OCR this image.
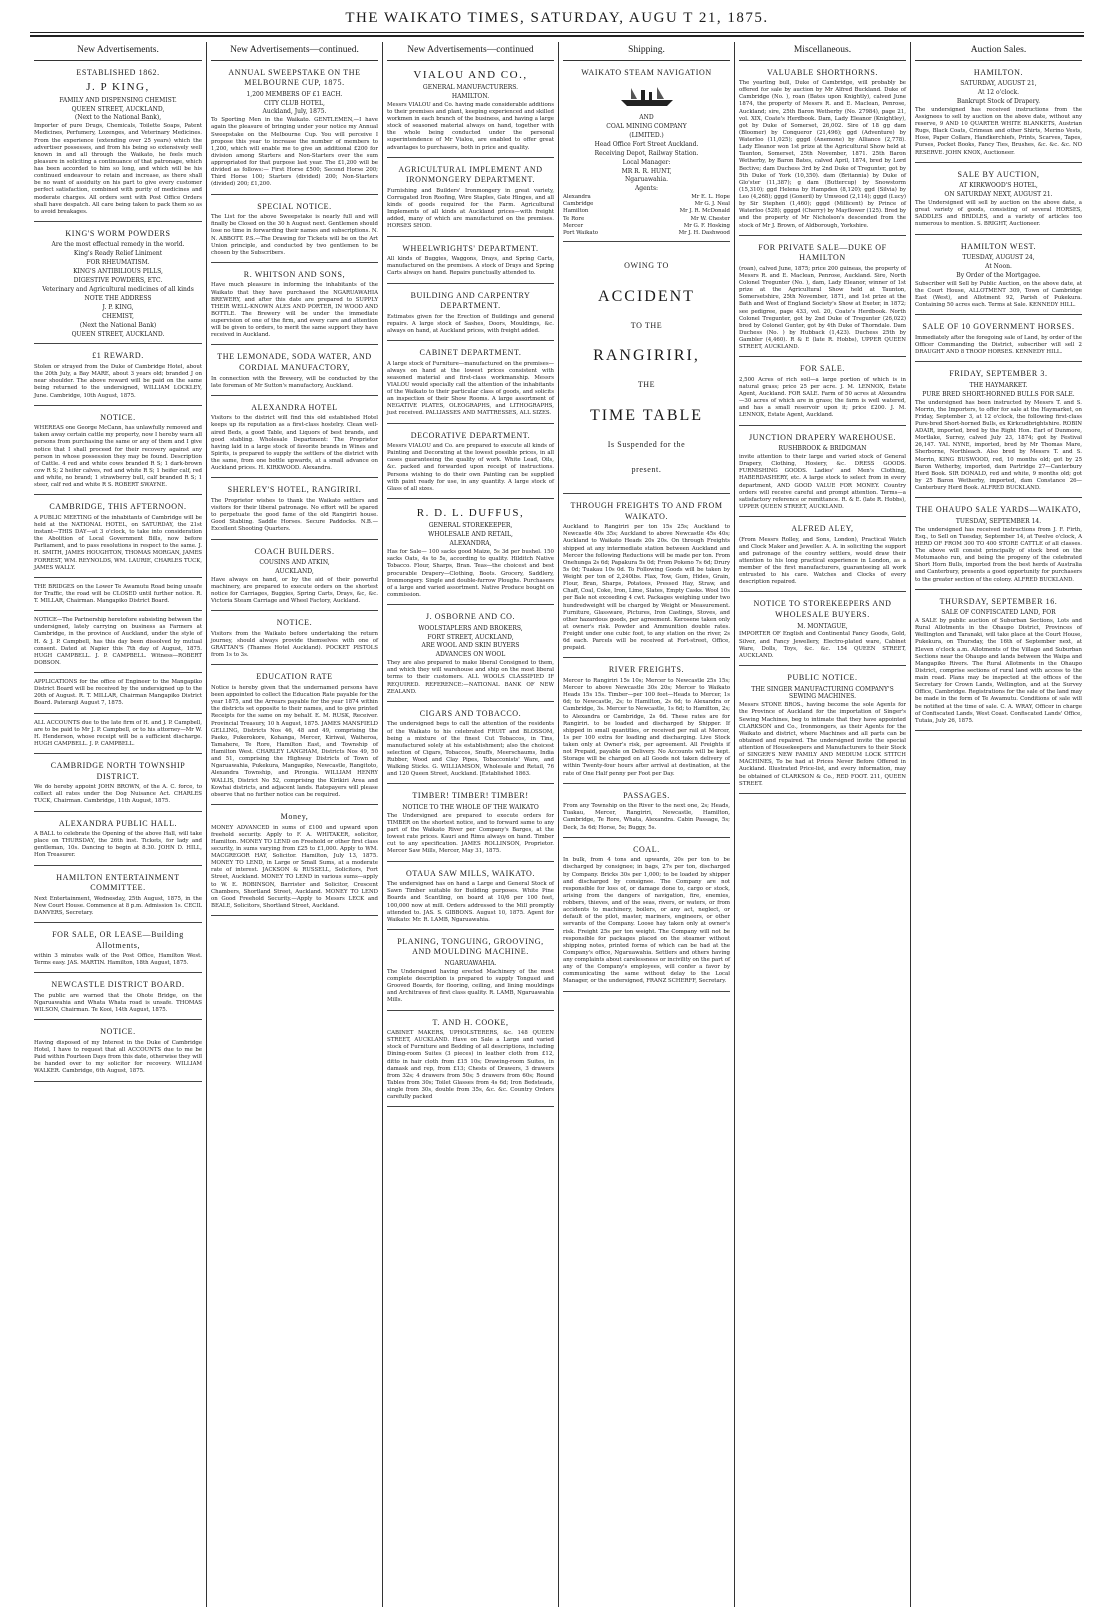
THE WAIKATO TIMES, SATURDAY, AUGU T 21, 1875.
New Advertisements.
ESTABLISHED 1862.
J. P KING,
FAMILY AND DISPENSING CHEMIST.
QUEEN STREET, AUCKLAND,
(Next to the National Bank),
Importer of pure Drugs, Chemicals, Toilette Soaps, Patent Medicines, Perfumery, Lozenges, and Veterinary Medicines. From the experience (extending over 25 years) which the advertiser possesses, and from his being so extensively well known in and all through the Waikato, he feels much pleasure in soliciting a continuance of that patronage, which has been accorded to him so long, and which will be his continued endeavour to retain and increase, as there shall be no want of assiduity on his part to give every customer perfect satisfaction, combined with purity of medicines and moderate charges. All orders sent with Post Office Orders shall have despatch. All care being taken to pack them so as to avoid breakages.
KING'S WORM POWDERS
Are the most effectual remedy in the world.
King's Ready Relief Liniment
FOR RHEUMATISM.
KING'S ANTIBILIOUS PILLS,
DIGESTIVE POWDERS, ETC.
Veterinary and Agricultural medicines of all kinds
NOTE THE ADDRESS
J. P. KING,
CHEMIST,
(Next the National Bank)
QUEEN STREET, AUCKLAND.
£1 REWARD.
Stolen or strayed from the Duke of Cambridge Hotel, about the 20th July, a Bay MARE, about 3 years old; branded J on near shoulder. The above reward will be paid on the same being returned to the undersigned, WILLIAM LOCKLEY, June. Cambridge, 10th August, 1875.
NOTICE.
WHEREAS one George McCann, has unlawfully removed and taken away certain cattle my property, now I hereby warn all persons from purchasing the same or any of them and I give notice that I shall proceed for their recovery against any person in whose possession they may be found. Description of Cattle. 4 red and white cows branded R S; 1 dark-brown cow R S; 2 heifer calves, red and white R S; 1 heifer calf, red and white, no brand; 1 strawberry bull, calf branded R S; 1 steer, calf red and white R S. ROBERT SWAYNE.
CAMBRIDGE, THIS AFTERNOON.
A PUBLIC MEETING of the inhabitants of Cambridge will be held at the NATIONAL HOTEL, on SATURDAY, the 21st instant—THIS DAY—at 3 o'clock, to take into consideration the Abolition of Local Government Bills, now before Parliament, and to pass resolutions in respect to the same. J. H. SMITH, JAMES HOUGHTON, THOMAS MORGAN, JAMES FORREST, WM. REYNOLDS, WM. LAURIE, CHARLES TUCK, JAMES WALLY.
THE BRIDGES on the Lower Te Awamutu Road being unsafe for Traffic, the road will be CLOSED until further notice. R. T. MILLAR, Chairman. Mangapiko District Board.
NOTICE—The Partnership heretofore subsisting between the undersigned, lately carrying on business as Farmers at Cambridge, in the province of Auckland, under the style of H. & J. P. Campbell, has this day been dissolved by mutual consent. Dated at Napier this 7th day of August, 1875. HUGH CAMPBELL. J. P. CAMPBELL. Witness—ROBERT DOBSON.
APPLICATIONS for the office of Engineer to the Mangapiko District Board will be received by the undersigned up to the 20th of August. R. T. MILLAR, Chairman Mangapiko District Board. Pateranji August 7, 1875.
ALL ACCOUNTS due to the late firm of H. and J. P. Campbell, are to be paid to Mr J. P. Campbell, or to his attorney—Mr W. H. Henderson, whose receipt will be a sufficient discharge. HUGH CAMPBELL. J. P. CAMPBELL.
CAMBRIDGE NORTH TOWNSHIP DISTRICT.
We do hereby appoint JOHN BROWN, of the A. C. force, to collect all rates under the Dog Nuisance Act. CHARLES TUCK, Chairman. Cambridge, 11th August, 1875.
ALEXANDRA PUBLIC HALL.
A BALL to celebrate the Opening of the above Hall, will take place on THURSDAY, the 26th inst. Tickets, for lady and gentleman, 10s. Dancing to begin at 8.30. JOHN D. HILL, Hon Treasurer.
HAMILTON ENTERTAINMENT COMMITTEE.
Next Entertainment, Wednesday, 25th August, 1875, in the New Court House. Commence at 8 p.m. Admission 1s. CECIL DANVERS, Secretary.
FOR SALE, OR LEASE—Building Allotments,
within 3 minutes walk of the Post Office, Hamilton West. Terms easy. JAS. MARTIN. Hamilton, 18th August, 1875.
NEWCASTLE DISTRICT BOARD.
The public are warned that the Ohote Bridge, on the Ngaruawahia and Whata Whata road is unsafe. THOMAS WILSON, Chairman. Te Kooi, 14th August, 1875.
NOTICE.
Having disposed of my Interest in the Duke of Cambridge Hotel, I have to request that all ACCOUNTS due to me be Paid within Fourteen Days from this date, otherwise they will be handed over to my solicitor for recovery. WILLIAM WALKER. Cambridge, 6th August, 1875.
New Advertisements—continued.
ANNUAL SWEEPSTAKE ON THE MELBOURNE CUP, 1875.
1,200 MEMBERS OF £1 EACH.
CITY CLUB HOTEL,
Auckland, July, 1875.
To Sporting Men in the Waikato. GENTLEMEN,—I have again the pleasure of bringing under your notice my Annual Sweepstake on the Melbourne Cup. You will perceive I propose this year to increase the number of members to 1,200, which will enable me to give an additional £200 for division among Starters and Non-Starters over the sum appropriated for that purpose last year. The £1,200 will be divided as follows:— First Horse £500; Second Horse 200; Third Horse 100; Starters (divided) 200; Non-Starters (divided) 200; £1,200.
SPECIAL NOTICE.
The List for the above Sweepstake is nearly full and will finally be Closed on the 30 h August next. Gentlemen should lose no time in forwarding their names and subscriptions. N. N. ABBOTT. P.S.—The Drawing for Tickets will be on the Art Union principle, and conducted by two gentlemen to be chosen by the Subscribers.
R. WHITSON AND SONS,
Have much pleasure in informing the inhabitants of the Waikato that they have purchased the NGARUAWAHIA BREWERY, and after this date are prepared to SUPPLY THEIR WELL-KNOWN ALES AND PORTER, IN WOOD AND BOTTLE. The Brewery will be under the immediate supervision of one of the firm, and every care and attention will be given to orders, to merit the same support they have received in Auckland.
THE LEMONADE, SODA WATER, AND CORDIAL MANUFACTORY,
In connection with the Brewery, will be conducted by the late foreman of Mr Sutton's manufactory, Auckland.
ALEXANDRA HOTEL
Visitors to the district will find this old established Hotel keeps up its reputation as a first-class hostelry. Clean well-aired Beds, a good Table, and Liquors of best brands, and good stabling. Wholesale Department: The Proprietor having laid in a large stock of favorite brands in Wines and Spirits, is prepared to supply the settlers of the district with the same, from one bottle upwards, at a small advance on Auckland prices. H. KIRKWOOD. Alexandra.
SHERLEY'S HOTEL, RANGIRIRI.
The Proprietor wishes to thank the Waikato settlers and visitors for their liberal patronage. No effort will be spared to perpetuate the good fame of the old Rangiriri house. Good Stabling. Saddle Horses. Secure Paddocks. N.B.—Excellent Shooting Quarters.
COACH BUILDERS.
COUSINS AND ATKIN,
AUCKLAND,
Have always on hand, or by the aid of their powerful machinery, are prepared to execute orders on the shortest notice for Carriages, Buggies, Spring Carts, Drays, &c, &c. Victoria Steam Carriage and Wheel Factory, Auckland.
NOTICE.
Visitors from the Waikato before undertaking the return journey, should always provide themselves with one of GRATTAN'S (Thames Hotel Auckland). POCKET PISTOLS from 1s to 3s.
EDUCATION RATE
Notice is hereby given that the undernamed persons have been appointed to collect the Education Rate payable for the year 1875, and the Arrears payable for the year 1874 within the districts set opposite to their names, and to give printed Receipts for the same on my behalf. E. M. RUSK, Receiver. Provincial Treasury, 10 h August, 1875. JAMES MANSFIELD GELLING, Districts Nos 46, 48 and 49, comprising the Paeko, Pukerokore, Kohanga, Mercer, Kiriwai, Waiheroa, Tamahere, Te Rore, Hamilton East, and Township of Hamilton West. CHARLEY LANGHAM, Districts Nos 49, 50 and 51, comprising the Highway Districts of Town of Ngaruawahia, Pukekura, Mangapiko, Newcastle, Rangitoto, Alexandra Township, and Pirongia. WILLIAM HENRY WALLIS, District No 52, comprising the Kirikiri Area and Kowhai districts, and adjacent lands. Ratepayers will please observe that no further notice can be required.
Money,
MONEY ADVANCED in sums of £100 and upward upon freehold security. Apply to F. A. WHITAKER, solicitor, Hamilton. MONEY TO LEND on Freehold or other first class security, in sums varying from £25 to £1,000. Apply to WM. MACGREGOR HAY, Solicitor. Hamilton, July 13, 1875. MONEY TO LEND, in Large or Small Sums, at a moderate rate of interest. JACKSON & RUSSELL, Solicitors, Fort Street, Auckland. MONEY TO LEND in various sums—apply to W. E. ROBINSON, Barrister and Solicitor, Crescent Chambers, Shortland Street, Auckland. MONEY TO LEND on Good Freehold Security.—Apply to Messrs LECK and BEALE, Solicitors, Shortland Street, Auckland.
New Advertisements—continued
VIALOU AND CO.,
GENERAL MANUFACTURERS.
HAMILTON.
Messrs VIALOU and Co. having made considerable additions to their premises and plant, keeping experienced and skilled workmen in each branch of the business, and having a large stock of seasoned material always on hand, together with the whole being conducted under the personal superintendence of Mr Vialou, are enabled to offer great advantages to purchasers, both in price and quality.
AGRICULTURAL IMPLEMENT AND IRONMONGERY DEPARTMENT.
Furnishing and Builders' Ironmongery in great variety, Corrugated Iron Roofing, Wire Staples, Gate Hinges, and all kinds of goods required for the Farm. Agricultural Implements of all kinds at Auckland prices—with freight added, many of which are manufactured on the premises. HORSES SHOD.
WHEELWRIGHTS' DEPARTMENT.
All kinds of Buggies, Waggons, Drays, and Spring Carts, manufactured on the premises. A stock of Drays and Spring Carts always on hand. Repairs punctually attended to.
BUILDING AND CARPENTRY DEPARTMENT.
Estimates given for the Erection of Buildings and general repairs. A large stock of Sashes, Doors, Mouldings, &c. always on hand, at Auckland prices, with freight added.
CABINET DEPARTMENT.
A large stock of Furniture—manufactured on the premises—always on hand at the lowest prices consistent with seasoned material and first-class workmanship. Messrs VIALOU would specially call the attention of the inhabitants of the Waikato to their particular class of goods, and solicits an inspection of their Show Rooms. A large assortment of NEGATIVE PLATES, OLEOGRAPHS, and LITHOGRAPHS, just received. PALLIASSES AND MATTRESSES, ALL SIZES.
DECORATIVE DEPARTMENT.
Messrs VIALOU and Co. are prepared to execute all kinds of Painting and Decorating at the lowest possible prices, in all cases guaranteeing the quality of work. White Lead, Oils, &c. packed and forwarded upon receipt of instructions. Persons wishing to do their own Painting can be supplied with paint ready for use, in any quantity. A large stock of Glass of all sizes.
R. D. L. DUFFUS,
GENERAL STOREKEEPER,
WHOLESALE AND RETAIL,
ALEXANDRA,
Has for Sale— 100 sacks good Maize, 5s 3d per bushel. 150 sacks Oats, 4s to 5s, according to quality. Hilditch Native Tobacco. Flour, Sharps, Bran. Teas—the choicest and best procurable Drapery—Clothing, Boots. Grocery, Saddlery, Ironmongery. Single and double-furrow Ploughs. Purchasers of a large and varied assortment. Native Produce bought on commission.
J. OSBORNE AND CO.
WOOLSTAPLERS AND BROKERS,
FORT STREET, AUCKLAND,
ARE WOOL AND SKIN BUYERS
ADVANCES ON WOOL
They are also prepared to make liberal Consigned to them, and which they will warehouse and ship on the most liberal terms to their customers. ALL WOOLS CLASSIFIED IF REQUIRED. REFERENCE:—NATIONAL BANK OF NEW ZEALAND.
CIGARS AND TOBACCO.
The undersigned begs to call the attention of the residents of the Waikato to his celebrated FRUIT and BLOSSOM, being a mixture of the finest Cut Tobaccos, in Tins, manufactured solely at his establishment; also the choicest selection of Cigars, Tobaccos, Snuffs, Meerschaums, India Rubber, Wood and Clay Pipes, Tobacconists' Ware, and Walking Sticks. G. WILLIAMSON, Wholesale and Retail, 76 and 120 Queen Street, Auckland. [Established 1863.
TIMBER! TIMBER! TIMBER!
NOTICE TO THE WHOLE OF THE WAIKATO
The Undersigned are prepared to execute orders for TIMBER on the shortest notice, and to forward same to any part of the Waikato River per Company's Barges, at the lowest rate prices. Kauri and Rimu always on hand. Timber cut to any specification. JAMES ROLLINSON, Proprietor. Mercer Saw Mills, Mercer, May 31, 1875.
OTAUA SAW MILLS, WAIKATO.
The undersigned has on hand a Large and General Stock of Sawn Timber suitable for Building purposes. White Pine Boards and Scantling, on board at 10/6 per 100 feet, 100,000 now at mill. Orders addressed to the Mill promptly attended to. JAS. S. GIBBONS. August 10, 1875. Agent for Waikato: Mr. R. LAMB, Ngaruawahia.
PLANING, TONGUING, GROOVING, AND MOULDING MACHINE.
NGARUAWAHIA.
The Undersigned having erected Machinery of the most complete description is prepared to supply Tongued and Grooved Boards, for flooring, ceiling, and lining mouldings and Architraves of first class quality. R. LAMB, Ngaruawahia Mills.
T. AND H. COOKE,
CABINET MAKERS, UPHOLSTERERS, &c. 148 QUEEN STREET, AUCKLAND. Have on Sale a Large and varied stock of Furniture and Bedding of all descriptions, including Dining-room Suites (3 pieces) in leather cloth from £12, ditto in hair cloth from £15 10s; Drawing-room Suites, in damask and rep, from £13; Chests of Drawers, 3 drawers from 32s; 4 drawers from 50s; 5 drawers from 60s; Round Tables from 30s; Toilet Glasses from 4s 6d; Iron Bedsteads, single from 30s, double from 35s, &c. &c. Country Orders carefully packed
Shipping.
WAIKATO STEAM NAVIGATION
AND
COAL MINING COMPANY
(LIMITED.)
Head Office Fort Street Auckland.
Receiving Depot, Railway Station.
Local Manager:
MR R. R. HUNT,
Ngaruawahia.
Agents:
Alexandra	Mr E. L. Hope
Cambridge	Mr G. J. Neal
Hamilton	Mr J. R. McDonald
Te Rore	Mr W. Chester
Mercer	Mr G. F. Hosking
Port Waikato	Mr J. H. Dashwood
OWING TO
ACCIDENT
TO THE
RANGIRIRI,
THE
TIME TABLE
Is Suspended for the
present.
THROUGH FREIGHTS TO AND FROM WAIKATO.
Auckland to Rangiriri per ton 15s 25s; Auckland to Newcastle 40s 35s; Auckland to above Newcastle 45s 40s; Auckland to Waikato Heads 20s 20s. On through Freights shipped at any intermediate station between Auckland and Mercer the following Reductions will be made per ton. From Onehunga 2s 6d; Papakura 5s 0d; From Pokeno 7s 6d; Drury 5s 0d; Tuakau 10s 0d. To Following Goods will be taken by Weight per ton of 2,240lbs. Flax, Tow, Gum, Hides, Grain, Flour, Bran, Sharps, Potatoes, Pressed Hay, Straw, and Chaff, Coal, Coke, Iron, Lime, Slates, Empty Casks. Wool 10s per Bale not exceeding 4 cwt. Packages weighing under two hundredweight will be charged by Weight or Measurement. Furniture, Glassware, Pictures, Iron Castings, Stoves, and other hazardous goods, per agreement. Kerosene taken only at owner's risk. Powder and Ammunition double rates. Freight under one cubic foot, to any station on the river, 2s 6d each. Parcels will be received at Fort-street, Office, prepaid.
RIVER FREIGHTS.
Mercer to Rangiriri 15s 10s; Mercer to Newcastle 25s 15s; Mercer to above Newcastle 30s 20s; Mercer to Waikato Heads 15s 15s. Timber—per 100 feet—Heads to Mercer, 1s 6d; to Newcastle, 2s; to Hamilton, 2s 6d; to Alexandra or Cambridge, 3s. Mercer to Newcastle, 1s 6d; to Hamilton, 2s; to Alexandra or Cambridge, 2s 6d. These rates are for Rangiriri. to be loaded and discharged by Shipper. If shipped in small quantities, or received per rail at Mercer, 1s per 100 extra for loading and discharging. Live Stock taken only at Owner's risk, per agreement. All Freights if not Prepaid, payable on Delivery. No Accounts will be kept. Storage will be charged on all Goods not taken delivery of within Twenty-four hours after arrival at destination, at the rate of One Half penny per Foot per Day.
PASSAGES.
From any Township on the River to the next one, 2s; Heads, Tuakau, Mercer, Rangiriri, Newcastle, Hamilton, Cambridge, Te Rore, Whata, Alexandra. Cabin Passage, 5s; Deck, 3s 6d; Horse, 5s; Buggy, 5s.
COAL.
In bulk, from 4 tons and upwards, 20s per ton to be discharged by consignee; in bags, 27s per ton, discharged by Company. Bricks 30s per 1,000; to be loaded by shipper and discharged by consignee. The Company are not responsible for loss of, or damage done to, cargo or stock, arising from the dangers of navigation, fire, enemies, robbers, thieves, and of the seas, rivers, or waters, or from accidents to machinery, boilers, or any act, neglect, or default of the pilot, master, mariners, engineers, or other servants of the Company. Loose hay taken only at owner's risk. Freight 25s per ton weight. The Company will not be responsible for packages placed on the steamer without shipping notes, printed forms of which can be had at the Company's office, Ngaruawahia. Settlers and others having any complaints about carelessness or incivility on the part of any of the Company's employees, will confer a favor by communicating the same without delay to the Local Manager, or the undersigned, FRANZ SCHERFF, Secretary.
Miscellaneous.
VALUABLE SHORTHORNS.
The yearling bull, Duke of Cambridge, will probably be offered for sale by auction by Mr Alfred Buckland. Duke of Cambridge (No. ), roan (Bates upon Knightly), calved June 1874, the property of Messrs R. and E. Maclean, Penrose, Auckland; sire, 25th Baron Wetherby (No. 27984), page 21, vol. XIX, Coate's Herdbook. Dam, Lady Eleanor (Knightley), got by Duke of Somerset, 26,002. Sire of 18 gg dam (Bloomer) by Conqueror (21,496); ggd (Adventure) by Waterloo (11,025); gggd (Anemone) by Alliance (2,778). Lady Eleanor won 1st prize at the Agricultural Show held at Taunton, Somerset, 25th November, 1871. 25th Baron Wetherby, by Baron Bates, calved April, 1874, bred by Lord Bective; dam Duchess 3rd by 2nd Duke of Tregunter, got by 5th Duke of York (10,350). dam (Britannia) by Duke of Glo'ster (11,387); g dam (Buttercup) by Snowstorm (15,310); ggd Helena by Hampden (8,120); ggd (Silvia) by Leo (4,268); gggd (Goneril) by Umwood (2,114); gggd (Lucy) by Sir Stephen (1,460); gggd (Millicent) by Prince of Waterloo (528); ggggd (Cherry) by Mayflower (125). Bred by and the property of Mr Nicholson's descended from the stock of Mr J. Brown, of Aldborough, Yorkshire.
FOR PRIVATE SALE—DUKE OF HAMILTON
(roan), calved June, 1875; price 200 guineas, the property of Messrs R. and E. Maclean, Penrose, Auckland. Sire, North Colonel Tregunter (No. ), dam, Lady Eleanor, winner of 1st prize at the Agricultural Show held at Taunton, Somersetshire, 25th November, 1871, and 1st prize at the Bath and West of England Society's Show at Exeter, in 1872; see pedigree, page 433, vol. 20, Coate's Herdbook. North Colonel Tregunter, got by 2nd Duke of Tregunter (26,022) bred by Colonel Gunter, got by 4th Duke of Thorndale. Dam Duchess (No. ) by Hubback (1,423). Duchess 25th by Gambler (4,460). R & E (late R. Hobbs), UPPER QUEEN STREET, AUCKLAND.
FOR SALE.
2,500 Acres of rich soil—a large portion of which is in natural grass; price 25 per acre. J. M. LENNOX, Estate Agent, Auckland. FOR SALE. Farm of 50 acres at Alexandra—30 acres of which are in grass; the farm is well watered, and has a small reservoir upon it; price £200. J. M. LENNOX, Estate Agent, Auckland.
JUNCTION DRAPERY WAREHOUSE.
RUSHBROOK & BRIDGMAN
invite attention to their large and varied stock of General Drapery, Clothing, Hosiery, &c. DRESS GOODS. FURNISHING GOODS. Ladies' and Men's Clothing, HABERDASHERY, etc. A large stock to select from in every department, AND GOOD VALUE FOR MONEY. Country orders will receive careful and prompt attention. Terms—a satisfactory reference or remittance. R. & E. (late R. Hobbs), UPPER QUEEN STREET, AUCKLAND.
ALFRED ALEY,
(From Messrs Rolley, and Sons, London), Practical Watch and Clock Maker and Jeweller. A. A. in soliciting the support and patronage of the country settlers, would draw their attention to his long practical experience in London, as a member of the first manufacturers, guaranteeing all work entrusted to his care. Watches and Clocks of every description repaired.
NOTICE TO STOREKEEPERS AND WHOLESALE BUYERS.
M. MONTAGUE,
IMPORTER OF English and Continental Fancy Goods, Gold, Silver, and Fancy Jewellery, Electro-plated ware, Cabinet Ware, Dolls, Toys, &c. &c. 154 QUEEN STREET, AUCKLAND.
PUBLIC NOTICE.
THE SINGER MANUFACTURING COMPANY'S SEWING MACHINES.
Messrs STONE BROS., having become the sole Agents for the Province of Auckland for the importation of Singer's Sewing Machines, beg to intimate that they have appointed CLARKSON and Co., Ironmongers, as their Agents for the Waikato and district, where Machines and all parts can be obtained and repaired. The undersigned invite the special attention of Housekeepers and Manufacturers to their Stock of SINGER'S NEW FAMILY AND MEDIUM LOCK STITCH MACHINES, To be had at Prices Never Before Offered in Auckland. Illustrated Price-list, and every information, may be obtained of CLARKSON & Co., RED FOOT. 211, QUEEN STREET.
Auction Sales.
HAMILTON.
SATURDAY, AUGUST 21,
At 12 o'clock.
Bankrupt Stock of Drapery.
The undersigned has received instructions from the Assignees to sell by auction on the above date, without any reserve, 9 AND 10 QUARTER WHITE BLANKETS, Austrian Rugs, Black Coats, Crimean and other Shirts, Merino Vests, Hose, Paper Collars, Handkerchiefs, Prints, Scarves, Tapes, Purses, Pocket Books, Fancy Ties, Brushes, &c. &c. &c. NO RESERVE. JOHN KNOX, Auctioneer.
SALE BY AUCTION,
AT KIRKWOOD'S HOTEL,
ON SATURDAY NEXT, AUGUST 21.
The Undersigned will sell by auction on the above date, a great variety of goods, consisting of several HORSES, SADDLES and BRIDLES, and a variety of articles too numerous to mention. S. BRIGHT, Auctioneer.
HAMILTON WEST.
TUESDAY, AUGUST 24,
At Noon.
By Order of the Mortgagee.
Subscriber will Sell by Public Auction, on the above date, at the Court House, ALLOTMENT 309, Town of Cambridge East (West), and Allotment 92, Parish of Pukekura. Containing 50 acres each. Terms at Sale. KENNEDY HILL.
SALE OF 10 GOVERNMENT HORSES.
Immediately after the foregoing sale of Land, by order of the Officer Commanding the District, subscriber will sell 2 DRAUGHT AND 8 TROOP HORSES. KENNEDY HILL.
FRIDAY, SEPTEMBER 3.
THE HAYMARKET.
PURE BRED SHORT-HORNED BULLS FOR SALE.
The undersigned has been instructed by Messrs T. and S. Morrin, the Importers, to offer for sale at the Haymarket, on Friday, September 3, at 12 o'clock, the following first-class Pure-bred Short-horned Bulls, ex Kirkcudbrightshire. ROBIN ADAIR, imported, bred by the Right Hon. Earl of Dunmore, Mortlake, Surrey, calved July 23, 1874; got by Festival 26,147. YAL NYNE, imported, bred by Mr Thomas Mare, Sherborne, Northleach. Also bred by Messrs T. and S. Morrin, KING BUSWOOD, red, 10 months old; got by 25 Baron Wetherby, imported, dam Partridge 27—Canterbury Herd Book. SIR DONALD, red and white, 9 months old; got by 25 Baron Wetherby, imported, dam Constance 26—Canterbury Herd Book. ALFRED BUCKLAND.
THE OHAUPO SALE YARDS—WAIKATO,
TUESDAY, SEPTEMBER 14.
The undersigned has received instructions from J. F. Firth, Esq., to Sell on Tuesday, September 14, at Twelve o'clock, A HERD OF FROM 300 TO 400 STORE CATTLE of all classes. The above will consist principally of stock bred on the Motumaoho run, and being the progeny of the celebrated Short Horn Bulls, imported from the best herds of Australia and Canterbury, presents a good opportunity for purchasers to the greater section of the colony. ALFRED BUCKLAND.
THURSDAY, SEPTEMBER 16.
SALE OF CONFISCATED LAND, FOR
A SALE by public auction of Suburban Sections, Lots and Rural Allotments in the Ohaupo District, Provinces of Wellington and Taranaki, will take place at the Court House, Pukekura, on Thursday, the 16th of September next, at Eleven o'clock a.m. Allotments of the Village and Suburban Sections near the Ohaupo and lands between the Waipa and Mangapiko Rivers. The Rural Allotments in the Ohaupo District, comprise sections of rural land with access to the main road. Plans may be inspected at the offices of the Secretary for Crown Lands, Wellington, and at the Survey Office, Cambridge. Registrations for the sale of the land may be made in the form of Te Awamutu. Conditions of sale will be notified at the time of sale. C. A. WRAY, Officer in charge of Confiscated Lands, West Coast. Confiscated Lands' Office, Tutaia, July 26, 1875.
